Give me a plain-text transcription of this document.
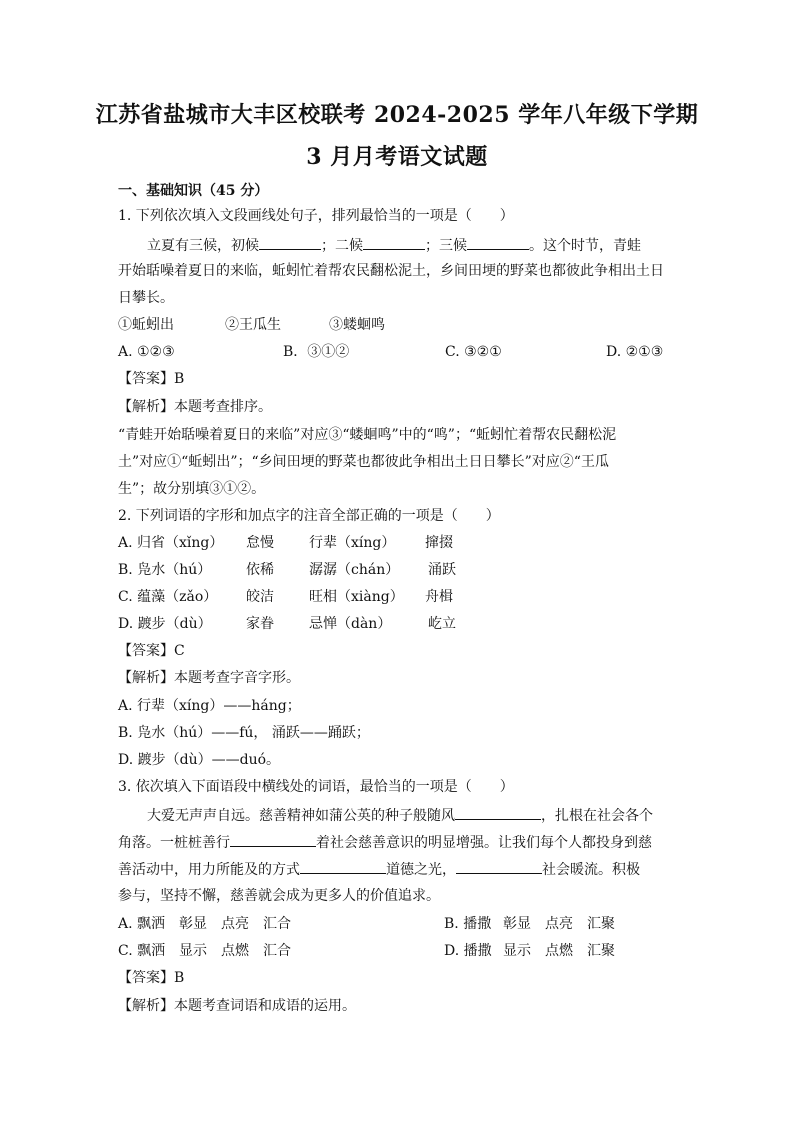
江苏省盐城市大丰区校联考 2024-2025 学年八年级下学期
3 月月考语文试题
一、基础知识（45 分）
1. 下列依次填入文段画线处句子，排列最恰当的一项是（　　）
立夏有三候，初候	；二候	；三候	。这个时节，青蛙
开始聒噪着夏日的来临，蚯蚓忙着帮农民翻松泥土，乡间田埂的野菜也都彼此争相出土日
日攀长。
①蚯蚓出	②王瓜生	③蝼蛔鸣
A. ①②③	B．③①②	C. ③②①	D. ②①③
【答案】B
【解析】本题考查排序。
“青蛙开始聒噪着夏日的来临”对应③“蝼蛔鸣”中的“鸣”；“蚯蚓忙着帮农民翻松泥
土”对应①“蚯蚓出”；“乡间田埂的野菜也都彼此争相出土日日攀长”对应②“王瓜
生”；故分别填③①②。
2. 下列词语的字形和加点字的注音全部正确的一项是（　　）
A. 归省（xǐng） 怠慢	行辈（xíng） 撺掇
B. 凫水（hú） 依稀	潺潺（chán） 涌跃
C. 蕴藻（zǎo） 皎洁	旺相（xiàng） 舟楫
D. 踱步（dù） 家眷	忌惮（dàn）	屹立
【答案】C
【解析】本题考查字音字形。
A. 行辈（xíng）——háng；
B. 凫水（hú）——fú， 涌跃——踊跃；
D. 踱步（dù）——duó。
3. 依次填入下面语段中横线处的词语，最恰当的一项是（　　）
大爱无声声自远。慈善精神如蒲公英的种子般随风	，扎根在社会各个
角落。一桩桩善行	着社会慈善意识的明显增强。让我们每个人都投身到慈
善活动中，用力所能及的方式	道德之光，	社会暖流。积极
参与，坚持不懈，慈善就会成为更多人的价值追求。
A. 飘洒 彰显 点亮 汇合	B. 播撒 彰显 点亮 汇聚
C. 飘洒 显示 点燃 汇合	D. 播撒 显示 点燃 汇聚
【答案】B
【解析】本题考查词语和成语的运用。
